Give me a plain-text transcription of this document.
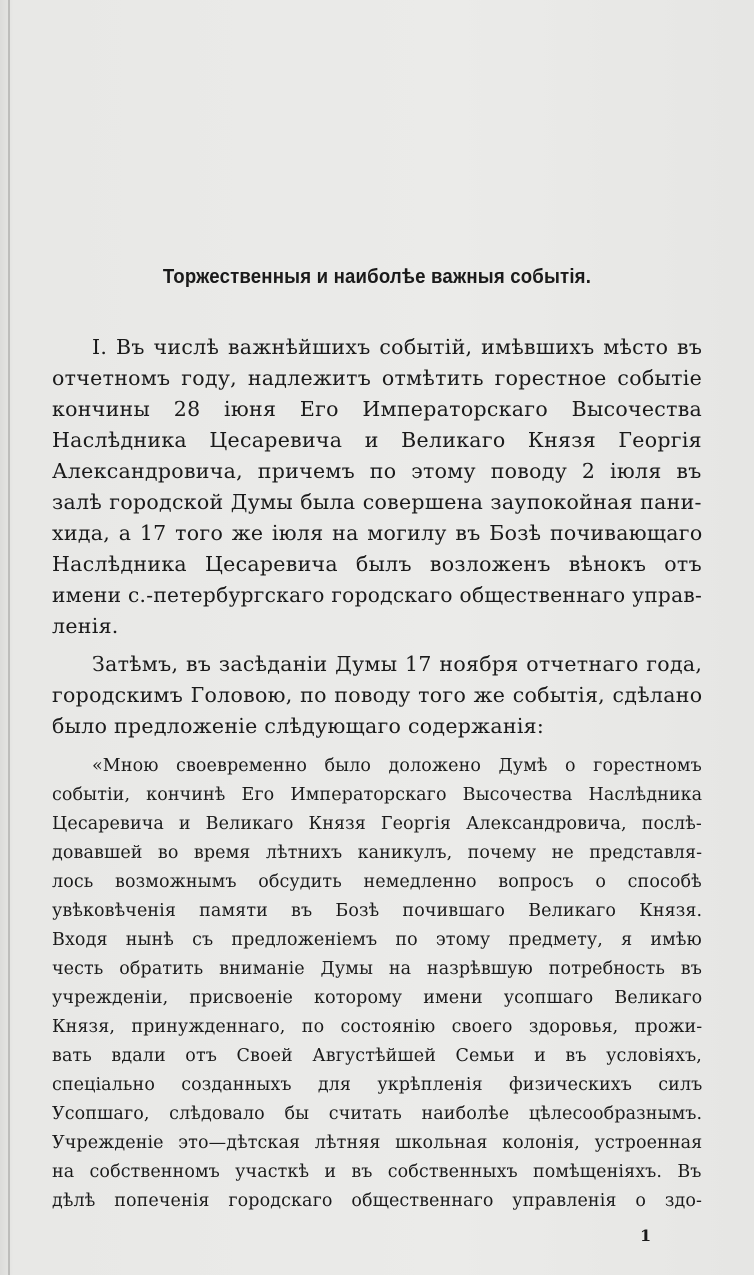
Торжественныя и наиболѣе важныя событія.
I. Въ числѣ важнѣйшихъ событій, имѣвшихъ мѣсто въ
отчетномъ году, надлежитъ отмѣтить горестное событіе
кончины 28 іюня Его Императорскаго Высочества
Наслѣдника Цесаревича и Великаго Князя Георгія
Александровича, причемъ по этому поводу 2 іюля въ
залѣ городской Думы была совершена заупокойная пани-
хида, а 17 того же іюля на могилу въ Бозѣ почивающаго
Наслѣдника Цесаревича былъ возложенъ вѣнокъ отъ
имени с.-петербургскаго городскаго общественнаго управ-
ленія.
Затѣмъ, въ засѣданіи Думы 17 ноября отчетнаго года,
городскимъ Головою, по поводу того же событія, сдѣлано
было предложеніе слѣдующаго содержанія:
«Мною своевременно было доложено Думѣ о горестномъ
событіи, кончинѣ Его Императорскаго Высочества Наслѣдника
Цесаревича и Великаго Князя Георгія Александровича, послѣ-
довавшей во время лѣтнихъ каникулъ, почему не представля-
лось возможнымъ обсудить немедленно вопросъ о способѣ
увѣковѣченія памяти въ Бозѣ почившаго Великаго Князя.
Входя нынѣ съ предложеніемъ по этому предмету, я имѣю
честь обратить вниманіе Думы на назрѣвшую потребность въ
учрежденіи, присвоеніе которому имени усопшаго Великаго
Князя, принужденнаго, по состоянію своего здоровья, прожи-
вать вдали отъ Своей Августѣйшей Семьи и въ условіяхъ,
спеціально созданныхъ для укрѣпленія физическихъ силъ
Усопшаго, слѣдовало бы считать наиболѣе цѣлесообразнымъ.
Учрежденіе это—дѣтская лѣтняя школьная колонія, устроенная
на собственномъ участкѣ и въ собственныхъ помѣщеніяхъ. Въ
дѣлѣ попеченія городскаго общественнаго управленія о здо-
1
